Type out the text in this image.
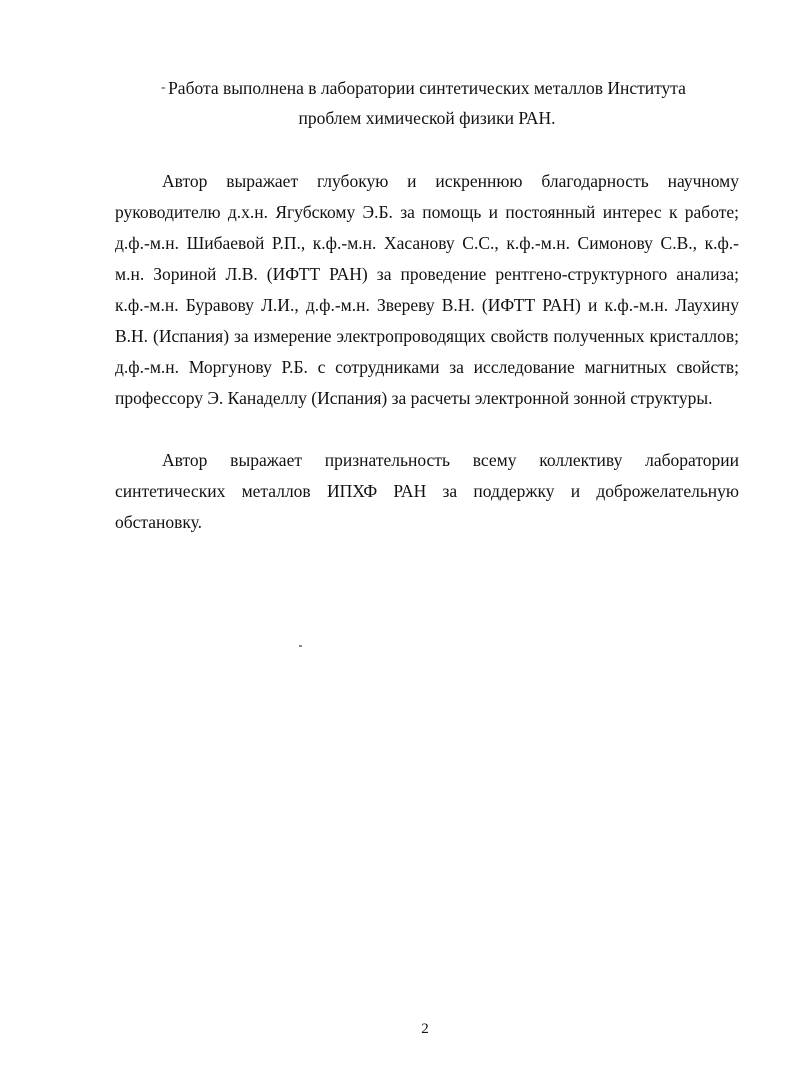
- Работа выполнена в лаборатории синтетических металлов Института
проблем химической физики РАН.

Автор выражает глубокую и искреннюю благодарность научному руководителю д.х.н. Ягубскому Э.Б. за помощь и постоянный интерес к работе; д.ф.-м.н. Шибаевой Р.П., к.ф.-м.н. Хасанову С.С., к.ф.-м.н. Симонову С.В., к.ф.-м.н. Зориной Л.В. (ИФТТ РАН) за проведение рентгено-структурного анализа; к.ф.-м.н. Буравову Л.И., д.ф.-м.н. Звереву В.Н. (ИФТТ РАН) и к.ф.-м.н. Лаухину В.Н. (Испания) за измерение электропроводящих свойств полученных кристаллов; д.ф.-м.н. Моргунову Р.Б. с сотрудниками за исследование магнитных свойств; профессору Э. Канаделлу (Испания) за расчеты электронной зонной структуры.

Автор выражает признательность всему коллективу лаборатории синтетических металлов ИПХФ РАН за поддержку и доброжелательную обстановку.

2
